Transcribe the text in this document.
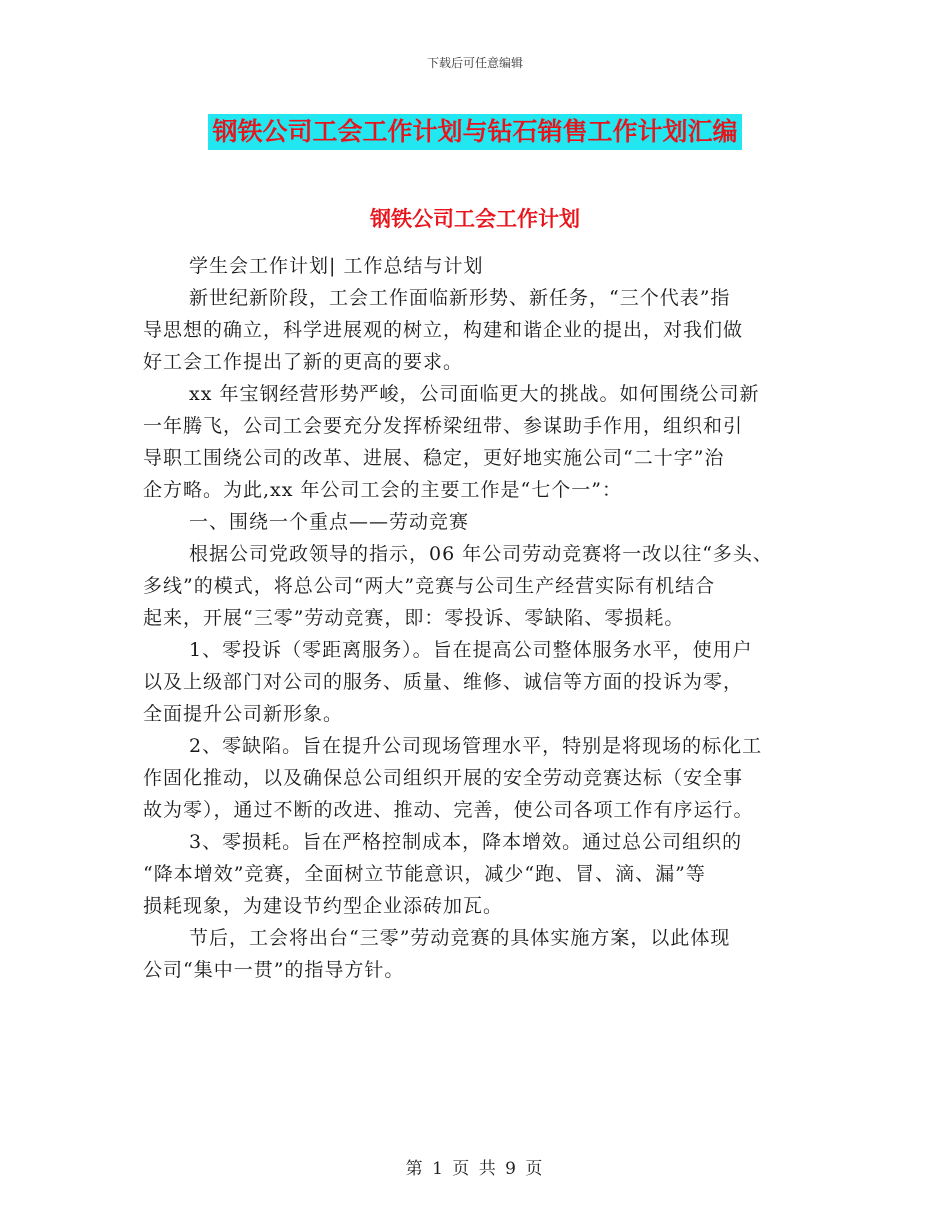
下载后可任意编辑
钢铁公司工会工作计划与钻石销售工作计划汇编
钢铁公司工会工作计划
学生会工作计划| 工作总结与计划
新世纪新阶段，工会工作面临新形势、新任务，“三个代表”指
导思想的确立，科学进展观的树立，构建和谐企业的提出，对我们做
好工会工作提出了新的更高的要求。
xx 年宝钢经营形势严峻，公司面临更大的挑战。如何围绕公司新
一年腾飞，公司工会要充分发挥桥梁纽带、参谋助手作用，组织和引
导职工围绕公司的改革、进展、稳定，更好地实施公司“二十字”治
企方略。为此,xx 年公司工会的主要工作是“七个一”：
一、围绕一个重点——劳动竞赛
根据公司党政领导的指示，06 年公司劳动竞赛将一改以往“多头、
多线”的模式，将总公司“两大”竞赛与公司生产经营实际有机结合
起来，开展“三零”劳动竞赛，即：零投诉、零缺陷、零损耗。
1、零投诉（零距离服务）。旨在提高公司整体服务水平，使用户
以及上级部门对公司的服务、质量、维修、诚信等方面的投诉为零，
全面提升公司新形象。
2、零缺陷。旨在提升公司现场管理水平，特别是将现场的标化工
作固化推动，以及确保总公司组织开展的安全劳动竞赛达标（安全事
故为零），通过不断的改进、推动、完善，使公司各项工作有序运行。
3、零损耗。旨在严格控制成本，降本增效。通过总公司组织的
“降本增效”竞赛，全面树立节能意识，减少“跑、冒、滴、漏”等
损耗现象，为建设节约型企业添砖加瓦。
节后，工会将出台“三零”劳动竞赛的具体实施方案，以此体现
公司“集中一贯”的指导方针。
第 1 页 共 9 页
